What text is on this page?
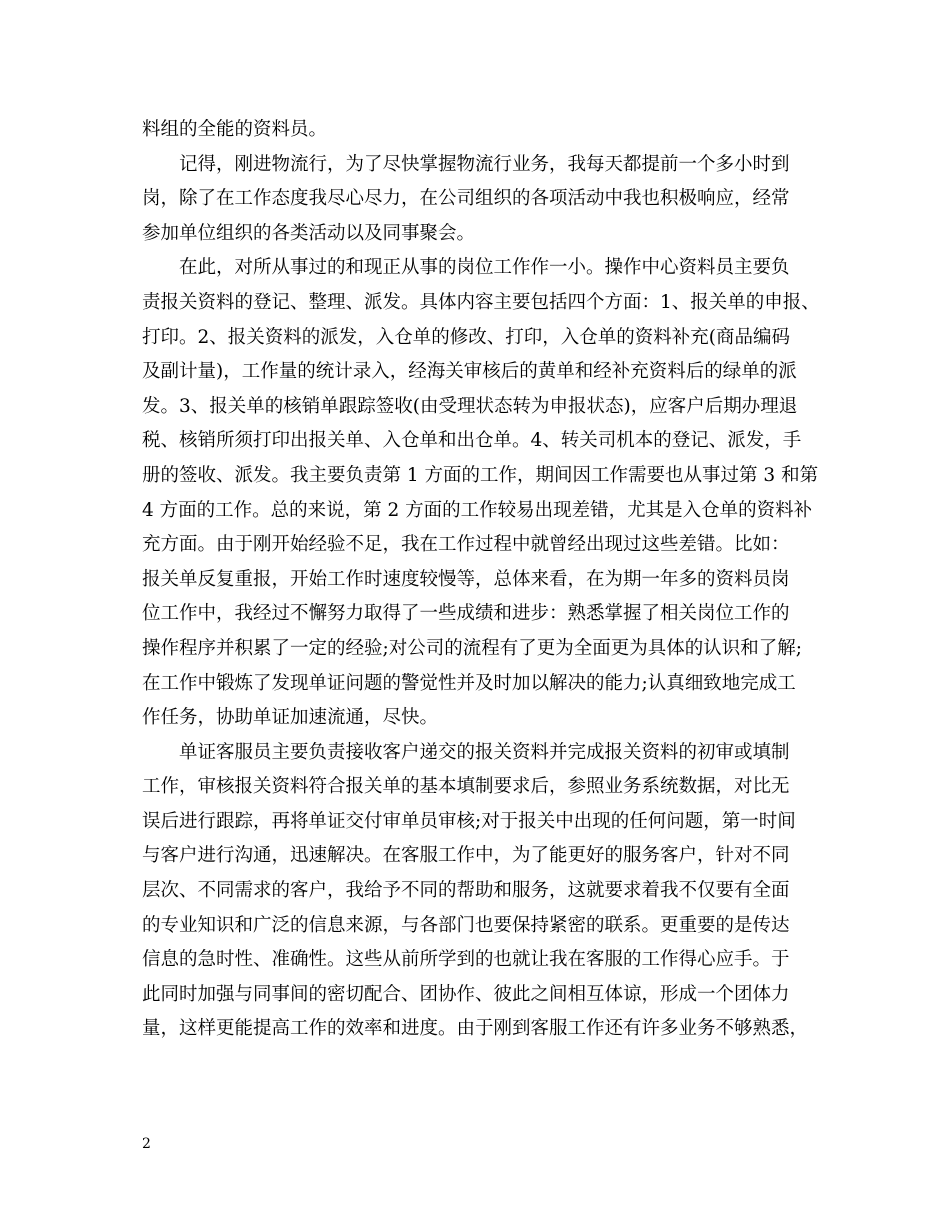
料组的全能的资料员。
记得，刚进物流行，为了尽快掌握物流行业务，我每天都提前一个多小时到
岗，除了在工作态度我尽心尽力，在公司组织的各项活动中我也积极响应，经常
参加单位组织的各类活动以及同事聚会。
在此，对所从事过的和现正从事的岗位工作作一小。操作中心资料员主要负
责报关资料的登记、整理、派发。具体内容主要包括四个方面：1、报关单的申报、
打印。2、报关资料的派发，入仓单的修改、打印，入仓单的资料补充(商品编码
及副计量)，工作量的统计录入，经海关审核后的黄单和经补充资料后的绿单的派
发。3、报关单的核销单跟踪签收(由受理状态转为申报状态)，应客户后期办理退
税、核销所须打印出报关单、入仓单和出仓单。4、转关司机本的登记、派发，手
册的签收、派发。我主要负责第 1 方面的工作，期间因工作需要也从事过第 3 和第
4 方面的工作。总的来说，第 2 方面的工作较易出现差错，尤其是入仓单的资料补
充方面。由于刚开始经验不足，我在工作过程中就曾经出现过这些差错。比如：
报关单反复重报，开始工作时速度较慢等，总体来看，在为期一年多的资料员岗
位工作中，我经过不懈努力取得了一些成绩和进步：熟悉掌握了相关岗位工作的
操作程序并积累了一定的经验;对公司的流程有了更为全面更为具体的认识和了解;
在工作中锻炼了发现单证问题的警觉性并及时加以解决的能力;认真细致地完成工
作任务，协助单证加速流通，尽快。
单证客服员主要负责接收客户递交的报关资料并完成报关资料的初审或填制
工作，审核报关资料符合报关单的基本填制要求后，参照业务系统数据，对比无
误后进行跟踪，再将单证交付审单员审核;对于报关中出现的任何问题，第一时间
与客户进行沟通，迅速解决。在客服工作中，为了能更好的服务客户，针对不同
层次、不同需求的客户，我给予不同的帮助和服务，这就要求着我不仅要有全面
的专业知识和广泛的信息来源，与各部门也要保持紧密的联系。更重要的是传达
信息的急时性、准确性。这些从前所学到的也就让我在客服的工作得心应手。于
此同时加强与同事间的密切配合、团协作、彼此之间相互体谅，形成一个团体力
量，这样更能提高工作的效率和进度。由于刚到客服工作还有许多业务不够熟悉，
2
